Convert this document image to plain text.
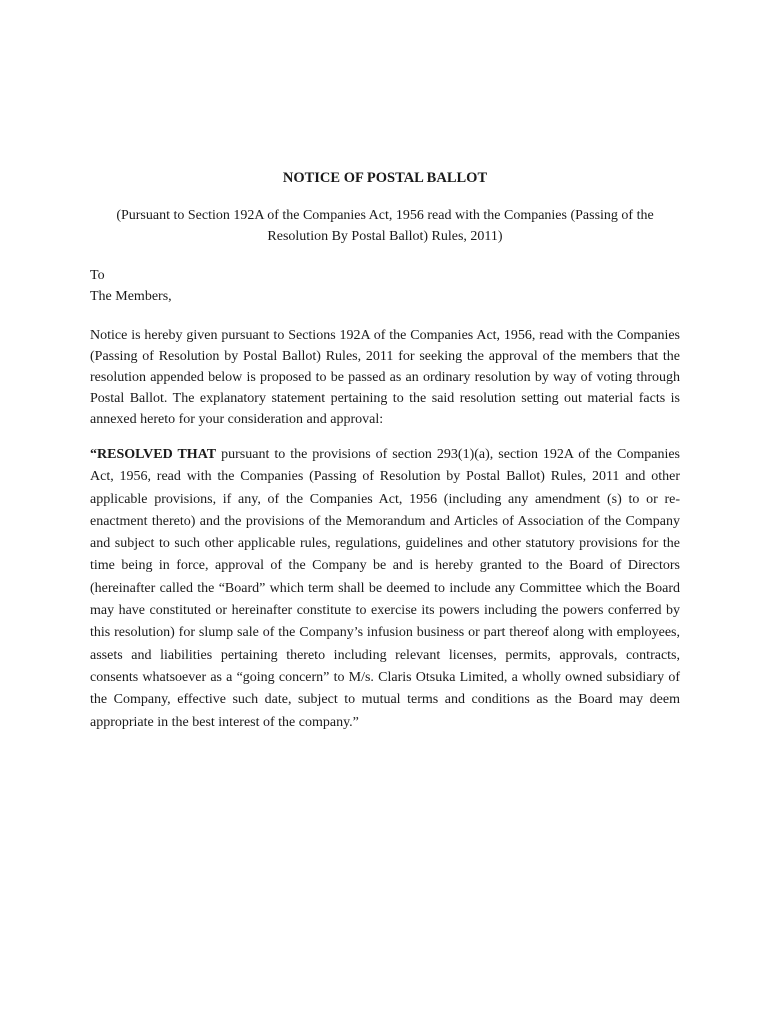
NOTICE OF POSTAL BALLOT
(Pursuant to Section 192A of the Companies Act, 1956 read with the Companies (Passing of the Resolution By Postal Ballot) Rules, 2011)
To
The Members,

Notice is hereby given pursuant to Sections 192A of the Companies Act, 1956, read with the Companies (Passing of Resolution by Postal Ballot) Rules, 2011 for seeking the approval of the members that the resolution appended below is proposed to be passed as an ordinary resolution by way of voting through Postal Ballot. The explanatory statement pertaining to the said resolution setting out material facts is annexed hereto for your consideration and approval:

“RESOLVED THAT pursuant to the provisions of section 293(1)(a), section 192A of the Companies Act, 1956, read with the Companies (Passing of Resolution by Postal Ballot) Rules, 2011 and other applicable provisions, if any, of the Companies Act, 1956 (including any amendment (s) to or re-enactment thereto) and the provisions of the Memorandum and Articles of Association of the Company and subject to such other applicable rules, regulations, guidelines and other statutory provisions for the time being in force, approval of the Company be and is hereby granted to the Board of Directors (hereinafter called the “Board” which term shall be deemed to include any Committee which the Board may have constituted or hereinafter constitute to exercise its powers including the powers conferred by this resolution) for slump sale of the Company’s infusion business or part thereof along with employees, assets and liabilities pertaining thereto including relevant licenses, permits, approvals, contracts, consents whatsoever as a “going concern” to M/s. Claris Otsuka Limited, a wholly owned subsidiary of the Company, effective such date, subject to mutual terms and conditions as the Board may deem appropriate in the best interest of the company.”
